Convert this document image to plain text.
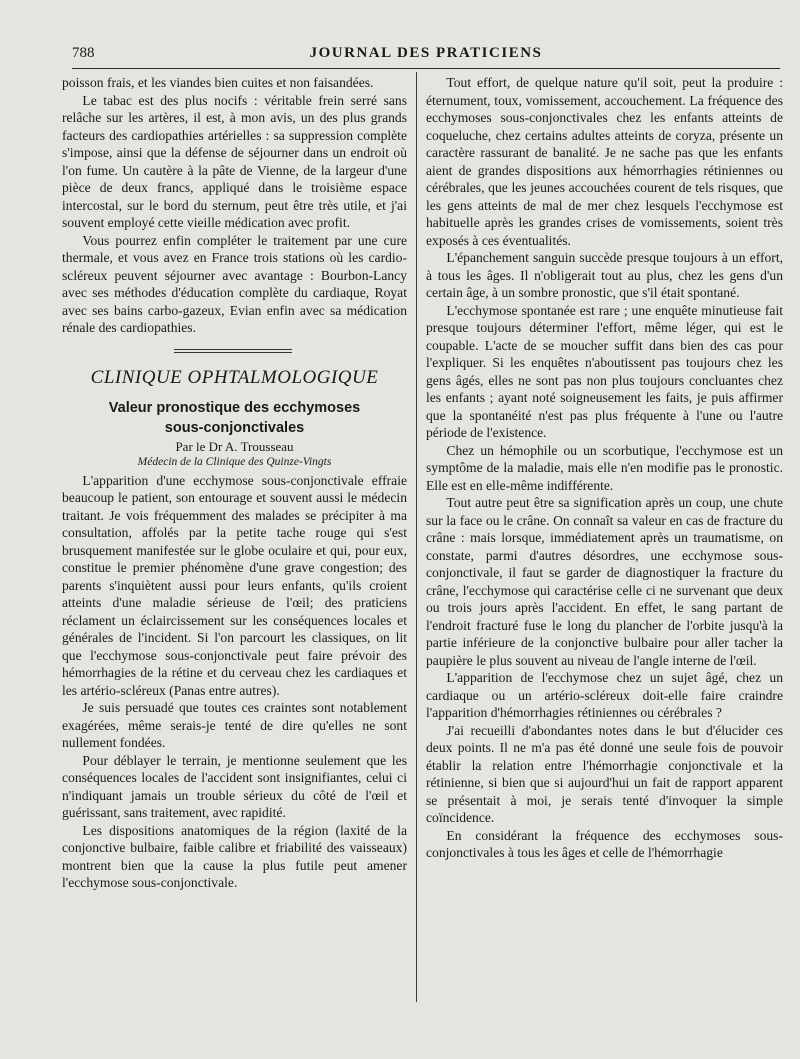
788	JOURNAL DES PRATICIENS

poisson frais, et les viandes bien cuites et non faisandées.

Le tabac est des plus nocifs : véritable frein serré sans relâche sur les artères, il est, à mon avis, un des plus grands facteurs des cardiopathies artérielles : sa suppression complète s'impose, ainsi que la défense de séjourner dans un endroit où l'on fume. Un cautère à la pâte de Vienne, de la largeur d'une pièce de deux francs, appliqué dans le troisième espace intercostal, sur le bord du sternum, peut être très utile, et j'ai souvent employé cette vieille médication avec profit.

Vous pourrez enfin compléter le traitement par une cure thermale, et vous avez en France trois stations où les cardio-scléreux peuvent séjourner avec avantage : Bourbon-Lancy avec ses méthodes d'éducation complète du cardiaque, Royat avec ses bains carbo-gazeux, Evian enfin avec sa médication rénale des cardiopathies.

CLINIQUE OPHTALMOLOGIQUE
Valeur pronostique des ecchymoses
sous-conjonctivales
Par le Dr A. Trousseau
Médecin de la Clinique des Quinze-Vingts

L'apparition d'une ecchymose sous-conjonctivale effraie beaucoup le patient, son entourage et souvent aussi le médecin traitant. Je vois fréquemment des malades se précipiter à ma consultation, affolés par la petite tache rouge qui s'est brusquement manifestée sur le globe oculaire et qui, pour eux, constitue le premier phénomène d'une grave congestion; des parents s'inquiètent aussi pour leurs enfants, qu'ils croient atteints d'une maladie sérieuse de l'œil; des praticiens réclament un éclaircissement sur les conséquences locales et générales de l'incident. Si l'on parcourt les classiques, on lit que l'ecchymose sous-conjonctivale peut faire prévoir des hémorrhagies de la rétine et du cerveau chez les cardiaques et les artério-scléreux (Panas entre autres).

Je suis persuadé que toutes ces craintes sont notablement exagérées, même serais-je tenté de dire qu'elles ne sont nullement fondées.

Pour déblayer le terrain, je mentionne seulement que les conséquences locales de l'accident sont insignifiantes, celui ci n'indiquant jamais un trouble sérieux du côté de l'œil et guérissant, sans traitement, avec rapidité.

Les dispositions anatomiques de la région (laxité de la conjonctive bulbaire, faible calibre et friabilité des vaisseaux) montrent bien que la cause la plus futile peut amener l'ecchymose sous-conjonctivale.

Tout effort, de quelque nature qu'il soit, peut la produire : éternument, toux, vomissement, accouchement. La fréquence des ecchymoses sous-conjonctivales chez les enfants atteints de coqueluche, chez certains adultes atteints de coryza, présente un caractère rassurant de banalité. Je ne sache pas que les enfants aient de grandes dispositions aux hémorrhagies rétiniennes ou cérébrales, que les jeunes accouchées courent de tels risques, que les gens atteints de mal de mer chez lesquels l'ecchymose est habituelle après les grandes crises de vomissements, soient très exposés à ces éventualités.

L'épanchement sanguin succède presque toujours à un effort, à tous les âges. Il n'obligerait tout au plus, chez les gens d'un certain âge, à un sombre pronostic, que s'il était spontané.

L'ecchymose spontanée est rare ; une enquête minutieuse fait presque toujours déterminer l'effort, même léger, qui est le coupable. L'acte de se moucher suffit dans bien des cas pour l'expliquer. Si les enquêtes n'aboutissent pas toujours chez les gens âgés, elles ne sont pas non plus toujours concluantes chez les enfants ; ayant noté soigneusement les faits, je puis affirmer que la spontanéité n'est pas plus fréquente à l'une ou l'autre période de l'existence.

Chez un hémophile ou un scorbutique, l'ecchymose est un symptôme de la maladie, mais elle n'en modifie pas le pronostic. Elle est en elle-même indifférente.

Tout autre peut être sa signification après un coup, une chute sur la face ou le crâne. On connaît sa valeur en cas de fracture du crâne : mais lorsque, immédiatement après un traumatisme, on constate, parmi d'autres désordres, une ecchymose sous-conjonctivale, il faut se garder de diagnostiquer la fracture du crâne, l'ecchymose qui caractérise celle ci ne survenant que deux ou trois jours après l'accident. En effet, le sang partant de l'endroit fracturé fuse le long du plancher de l'orbite jusqu'à la partie inférieure de la conjonctive bulbaire pour aller tacher la paupière le plus souvent au niveau de l'angle interne de l'œil.

L'apparition de l'ecchymose chez un sujet âgé, chez un cardiaque ou un artério-scléreux doit-elle faire craindre l'apparition d'hémorrhagies rétiniennes ou cérébrales ?

J'ai recueilli d'abondantes notes dans le but d'élucider ces deux points. Il ne m'a pas été donné une seule fois de pouvoir établir la relation entre l'hémorrhagie conjonctivale et la rétinienne, si bien que si aujourd'hui un fait de rapport apparent se présentait à moi, je serais tenté d'invoquer la simple coïncidence.

En considérant la fréquence des ecchymoses sous-conjonctivales à tous les âges et celle de l'hémorrhagie
